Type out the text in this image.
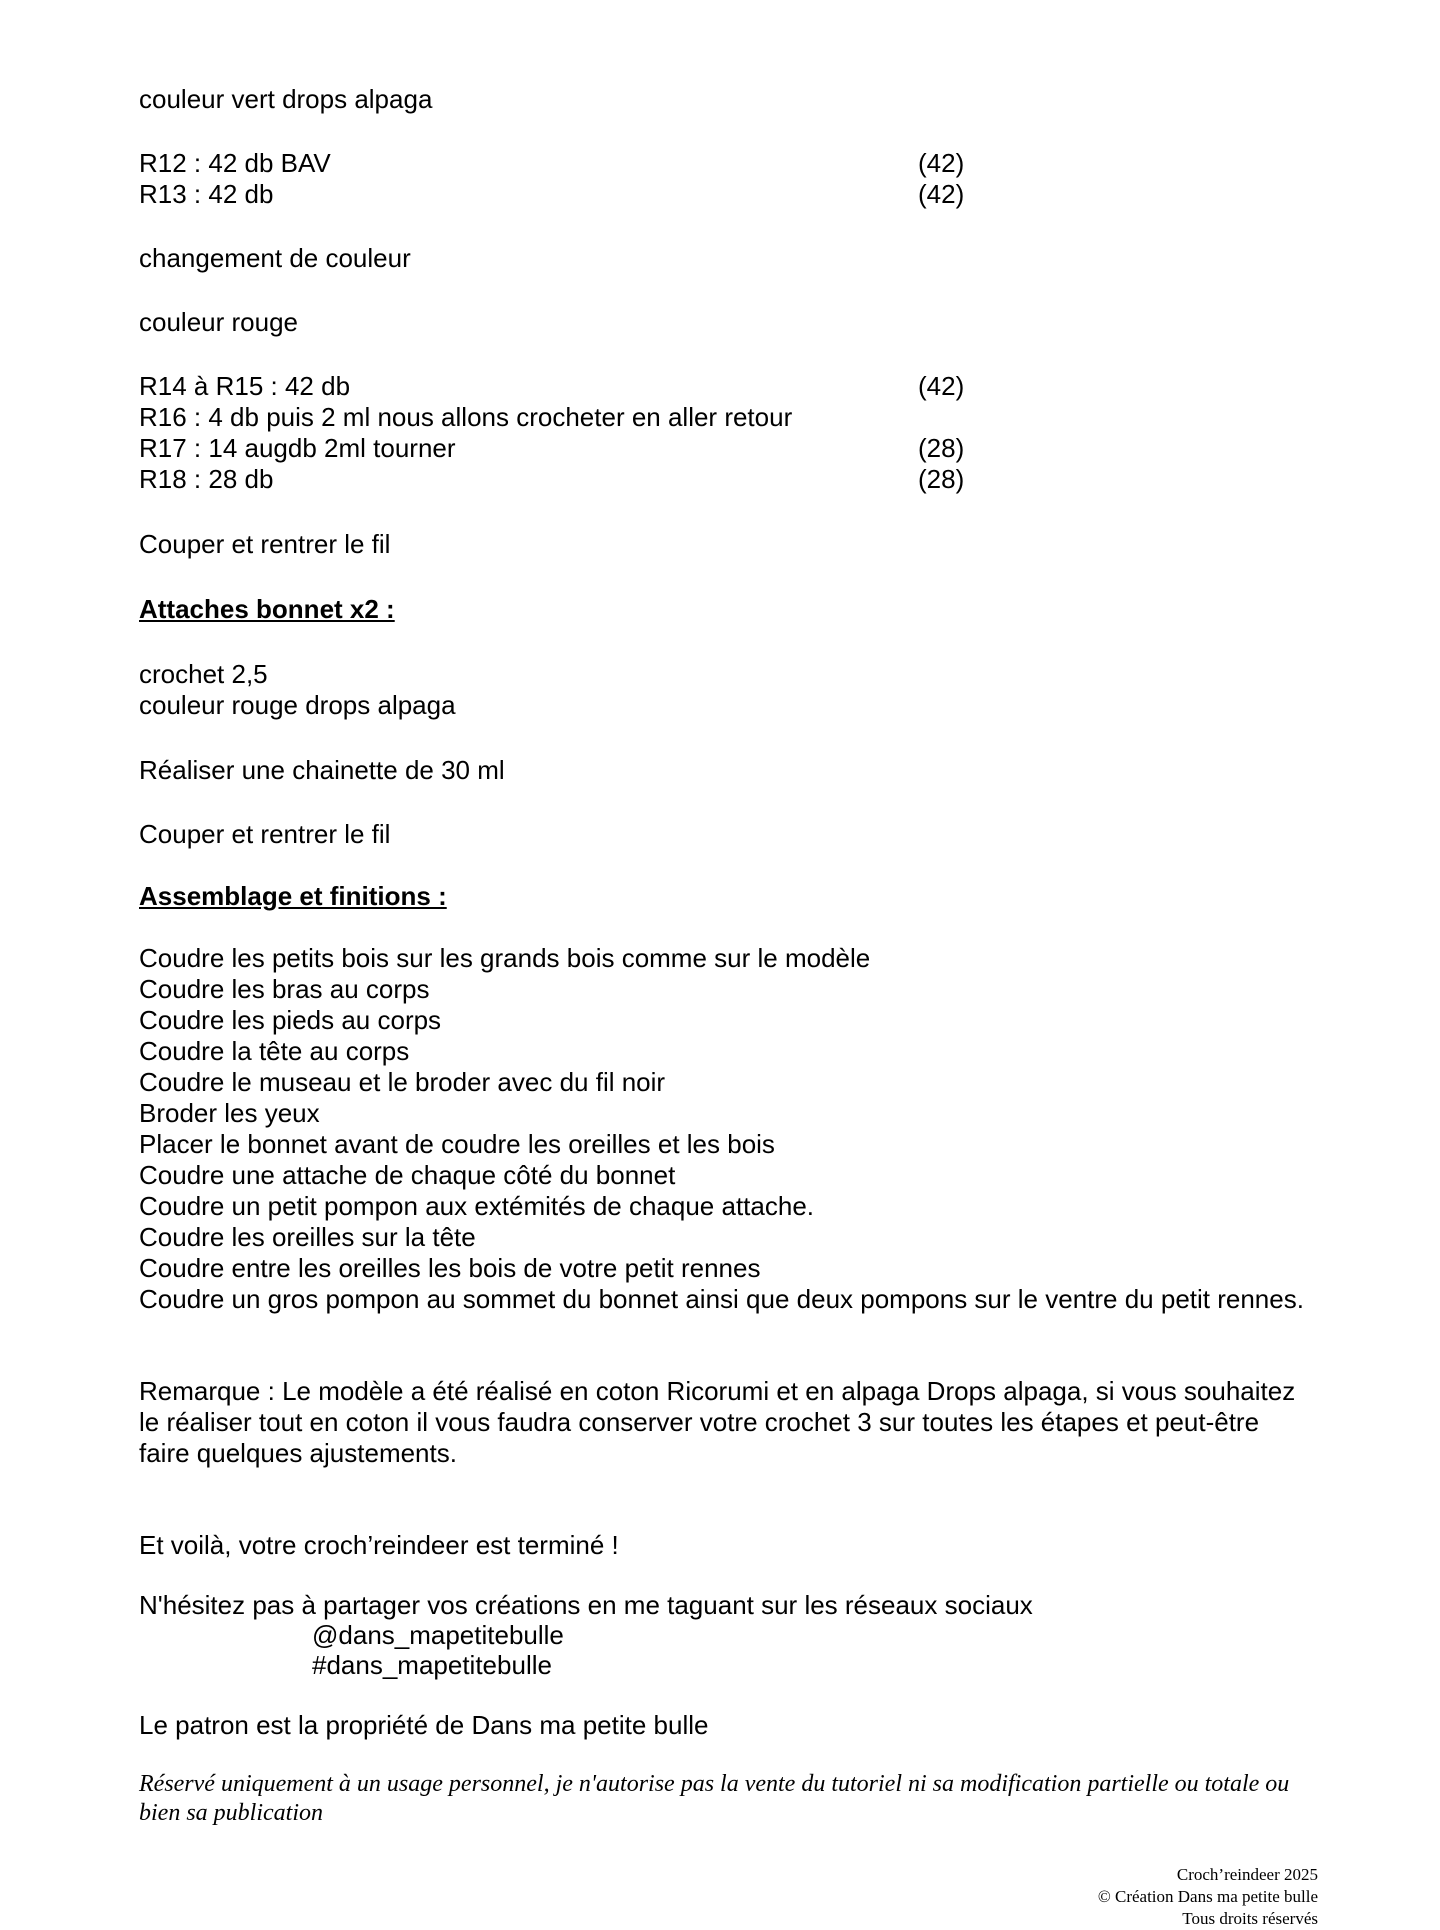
couleur vert drops alpaga
R12 : 42 db BAV	(42)
R13 : 42 db	(42)
changement de couleur
couleur rouge
R14 à R15 : 42 db	(42)
R16 : 4 db puis 2 ml nous allons crocheter en aller retour
R17 : 14 augdb 2ml tourner	(28)
R18 : 28 db	(28)
Couper et rentrer le fil
Attaches bonnet x2 :
crochet 2,5
couleur rouge drops alpaga
Réaliser une chainette de 30 ml
Couper et rentrer le fil
Assemblage et finitions :
Coudre les petits bois sur les grands bois comme sur le modèle
Coudre les bras au corps
Coudre les pieds au corps
Coudre la tête au corps
Coudre le museau et le broder avec du fil noir
Broder les yeux
Placer le bonnet avant de coudre les oreilles et les bois
Coudre une attache de chaque côté du bonnet
Coudre un petit pompon aux extémités de chaque attache.
Coudre les oreilles sur la tête
Coudre entre les oreilles les bois de votre petit rennes
Coudre un gros pompon au sommet du bonnet ainsi que deux pompons sur le ventre du petit rennes.
Remarque : Le modèle a été réalisé en coton Ricorumi et en alpaga Drops alpaga, si vous souhaitez le réaliser tout en coton il vous faudra conserver votre crochet 3 sur toutes les étapes et peut-être faire quelques ajustements.
Et voilà, votre croch’reindeer est terminé !
N'hésitez pas à partager vos créations en me taguant sur les réseaux sociaux
@dans_mapetitebulle
#dans_mapetitebulle
Le patron est la propriété de Dans ma petite bulle
Réservé uniquement à un usage personnel, je n'autorise pas la vente du tutoriel ni sa modification partielle ou totale ou bien sa publication
Croch’reindeer 2025
© Création Dans ma petite bulle
Tous droits réservés
